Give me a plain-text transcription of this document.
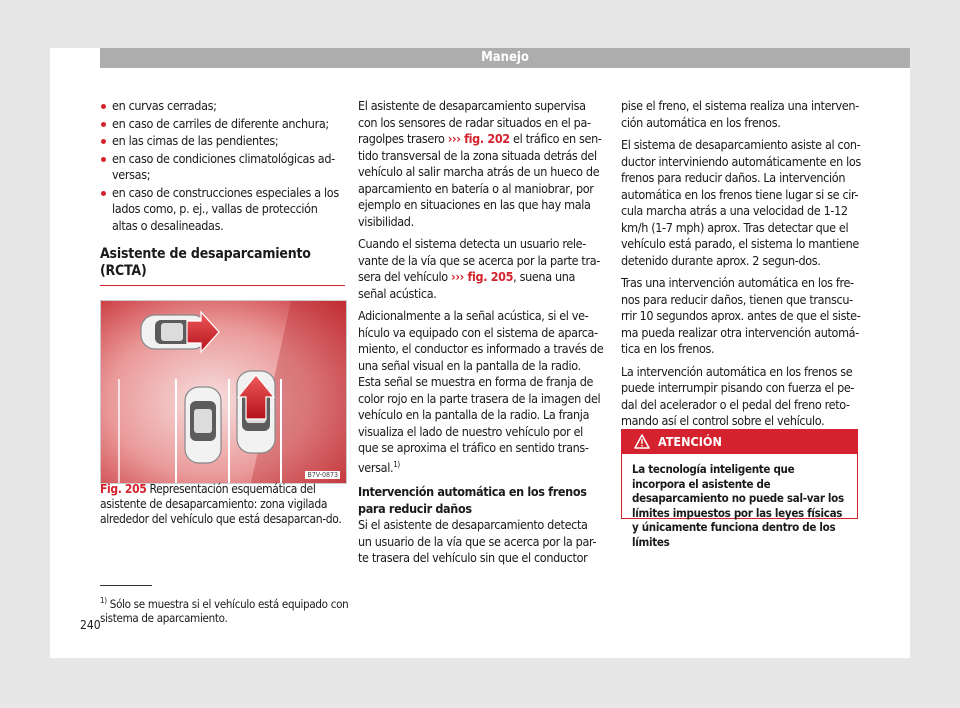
Manejo
en curvas cerradas;
en caso de carriles de diferente anchura;
en las cimas de las pendientes;
en caso de condiciones climatológicas ad-versas;
en caso de construcciones especiales a los lados como, p. ej., vallas de protección altas o desalineadas.
Asistente de desaparcamiento (RCTA)
B7V-0873
Fig. 205 Representación esquemática del asistente de desaparcamiento: zona vigilada alrededor del vehículo que está desaparcan-do.

El asistente de desaparcamiento supervisa con los sensores de radar situados en el pa-ragolpes trasero ››› fig. 202 el tráfico en sen-tido transversal de la zona situada detrás del vehículo al salir marcha atrás de un hueco de aparcamiento en batería o al maniobrar, por ejemplo en situaciones en las que hay mala visibilidad.

Cuando el sistema detecta un usuario rele-vante de la vía que se acerca por la parte tra-sera del vehículo ››› fig. 205, suena una señal acústica.

Adicionalmente a la señal acústica, si el ve-hículo va equipado con el sistema de aparca-miento, el conductor es informado a través de una señal visual en la pantalla de la radio. Esta señal se muestra en forma de franja de color rojo en la parte trasera de la imagen del vehículo en la pantalla de la radio. La franja visualiza el lado de nuestro vehículo por el que se aproxima el tráfico en sentido trans-versal.$^{1)}$

Intervención automática en los frenos para reducir daños

Si el asistente de desaparcamiento detecta un usuario de la vía que se acerca por la par-te trasera del vehículo sin que el conductor

pise el freno, el sistema realiza una interven-ción automática en los frenos.

El sistema de desaparcamiento asiste al con-ductor interviniendo automáticamente en los frenos para reducir daños. La intervención automática en los frenos tiene lugar si se cir-cula marcha atrás a una velocidad de 1-12 km/h (1-7 mph) aprox. Tras detectar que el vehículo está parado, el sistema lo mantiene detenido durante aprox. 2 segun-dos.

Tras una intervención automática en los fre-nos para reducir daños, tienen que transcu-rrir 10 segundos aprox. antes de que el siste-ma pueda realizar otra intervención automá-tica en los frenos.

La intervención automática en los frenos se puede interrumpir pisando con fuerza el pe-dal del acelerador o el pedal del freno reto-mando así el control sobre el vehículo.

ATENCIÓN
La tecnología inteligente que incorpora el asistente de desaparcamiento no puede sal-var los límites impuestos por las leyes físicas y únicamente funciona dentro de los límites
$^{1)}$ Sólo se muestra si el vehículo está equipado con sistema de aparcamiento.
240
